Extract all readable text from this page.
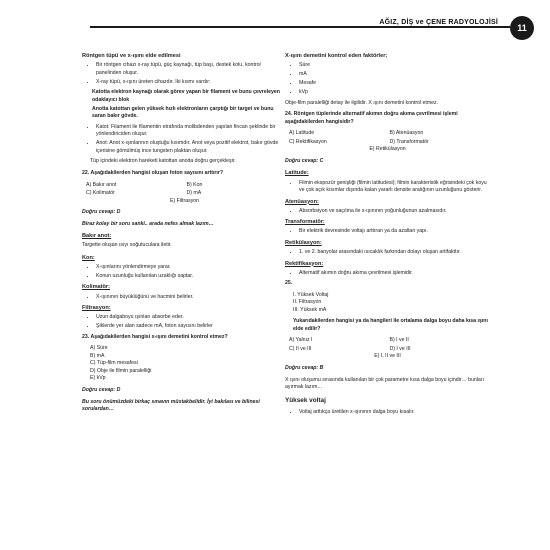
AĞIZ, DİŞ ve ÇENE RADYOLOJİSİ
11
Röntgen tüpü ve x-ışını elde edilmesi
• Bir röntgen cihazı x-ray tüpü, güç kaynağı, tüp başı, destek kolu, kontrol panelinden oluşur.
• X-ray tüpü, x-ışını üreten cihazdır. İki kısmı vardır:
Katotta elektron kaynağı olarak görev yapan bir filament ve bunu çevreleyen odaklayıcı blok
Anotta katottan gelen yüksek hızlı elektronların çarptığı bir target ve bunu saran bakır gövde.
• Katot: Filament ile filamentin etrafında molibdenden yapılan fincan şeklinde bir yönlendiriciden oluşur.
• Anot: Anot x-ışınlarının oluştuğu kısımdır. Anot veya pozitif elektrot, bakır gövde içerisine gömülmüş ince tungsten plaktan oluşur.
Tüp içindeki elektron hareketi katottan anoda doğru gerçekleşir.
22. Aşağıdakilerden hangisi oluşan foton sayısını arttırır?
A) Bakır anot	B) Kon
C) Kolimatör	D) mA
E) Filtrasyon
Doğru cevap: D
Biraz kolay bir soru sanki.. arada nefes almak lazım…
Bakır anot:
Targette oluşan ısıyı soğutuculara iletir.
Kon:
• X-ışınlarını yönlendirmeye yarar.
• Konun uzunluğu kullanılan uzaklığı saptar.
Kolimatör:
• X-ışınının büyüklüğünü ve hacmini belirler.
Filtrasyon:
• Uzun dalgaboyu ışınları absorbe eder.
• Şiklerde yer alan sadece mA, foton sayısını belirler
23. Aşağıdakilerden hangisi x-ışını demetini kontrol etmez?
A) Süre
B) mA
C) Tüp-film mesafesi
D) Obje ile filmin paralelliği
E) kVp
Doğru cevap: D
Bu soru önümüzdeki birkaç sınavın müstakbelidir. İyi bakılası ve bilinesi sorulardan…
X-ışını demetini kontrol eden faktörler;
• Süre
• mA
• Mesafe
• kVp
Obje-film paralelliği detay ile ilgilidir. X ışını demetini kontrol etmez.
24. Röntgen tüplerinde alternatif akımın doğru akıma çevrilmesi işlemi aşağıdakilerden hangisidir?
A) Latitude	B) Atenüasyon
C) Rektifikasyon	D) Transformatör
E) Retikülasyon
Doğru cevap: C
Latitude:
• Filmin ekspozür genişliği (filmin latitudesi); filmin karakteristik eğrisindeki çok koyu ve çok açık kısımlar dışında kalan yararlı densite aralığının uzunluğunu gösterir.
Atenüasyon:
• Absorbsiyon ve saçılma ile x-ışınının yoğunluğunun azalmasıdır.
Transformatör:
• Bir elektrik devresinde voltajı arttıran ya da azaltan yapı.
Retikülasyon:
• 1. ve 2. banyolar arasındaki ısıcaklık farkından dolayı oluşan artifakttır.
Rektifikasyon:
• Alternatif akımın doğru akıma çevrilmesi işlemidir.
25.
I. Yüksek Voltaj
II. Filtrasyon
III. Yüksek mA
Yukarıdakilerden hangisi ya da hangileri ile ortalama dalga boyu daha kısa ışını elde edilir?
A) Yalnız I	B) I ve II
C) II ve III	D) I ve III
E) I, II ve III
Doğru cevap: B
X ışını oluşumu sırasında kullanılan bir çok parametre kısa dalga boyu içindir… bunları ayırmak lazım…
Yüksek voltaj
• Voltaj arttıkça üretilen x-ışınının dalga boyu kısalır.
